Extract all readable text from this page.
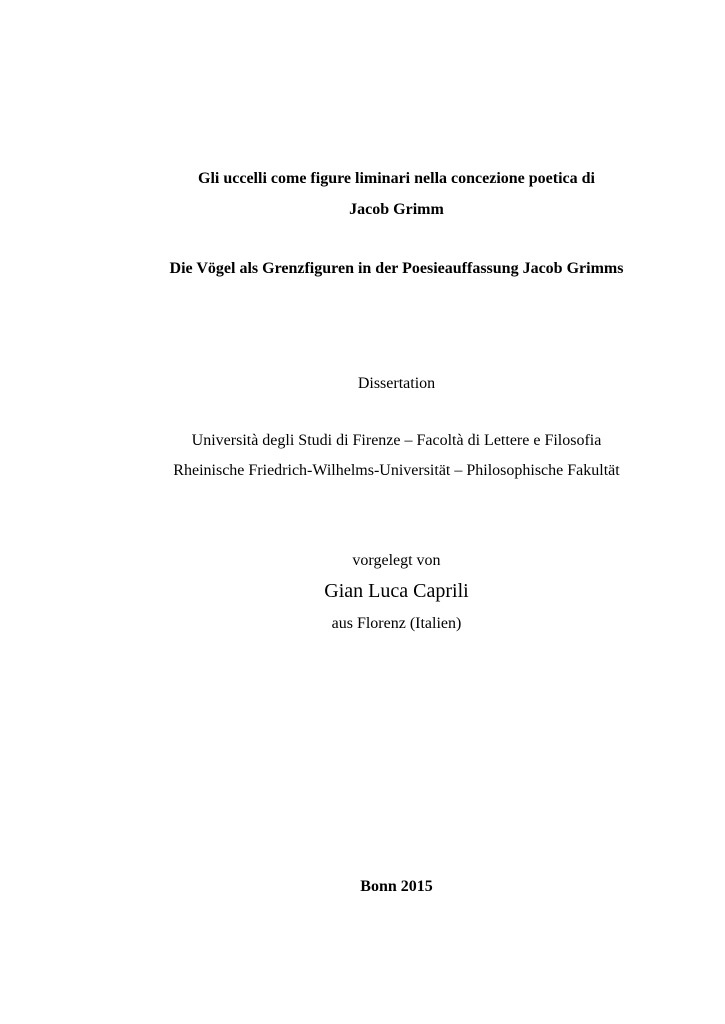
Gli uccelli come figure liminari nella concezione poetica di
Jacob Grimm
Die Vögel als Grenzfiguren in der Poesieauffassung Jacob Grimms
Dissertation
Università degli Studi di Firenze – Facoltà di Lettere e Filosofia
Rheinische Friedrich-Wilhelms-Universität – Philosophische Fakultät
vorgelegt von
Gian Luca Caprili
aus Florenz (Italien)
Bonn 2015
